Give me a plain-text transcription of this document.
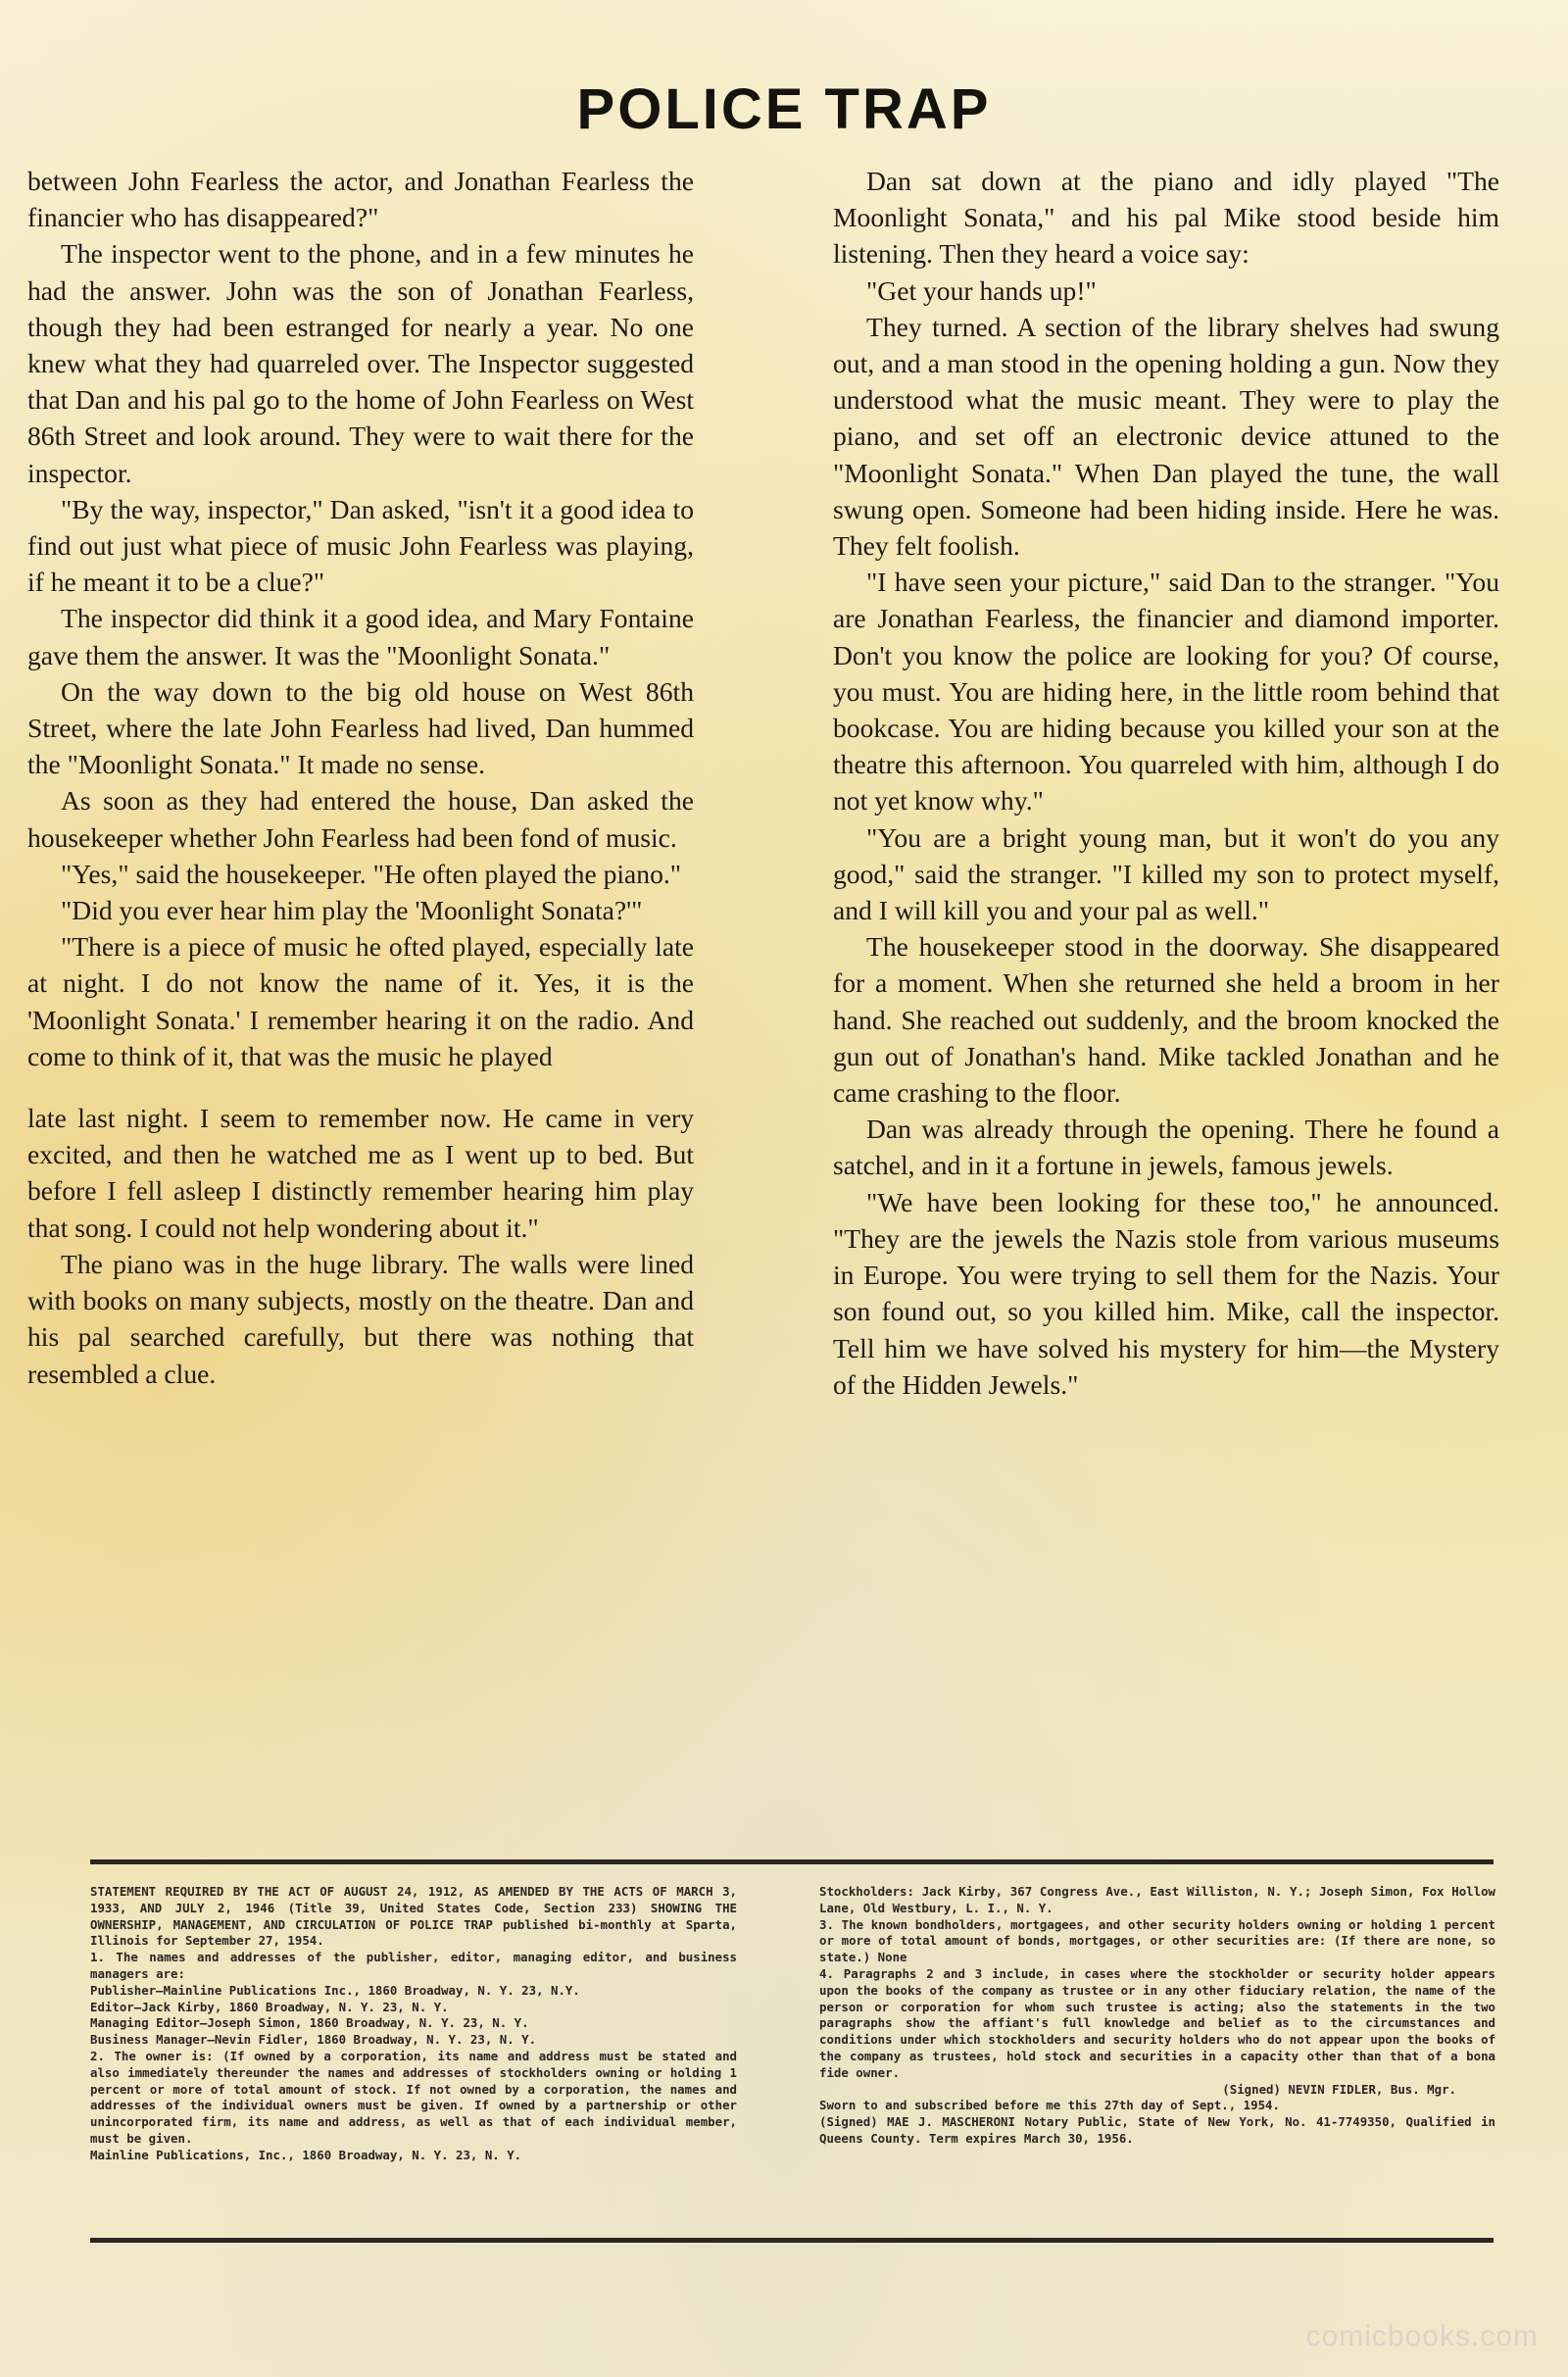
POLICE TRAP

between John Fearless the actor, and Jonathan Fearless the financier who has disappeared?"

The inspector went to the phone, and in a few minutes he had the answer. John was the son of Jonathan Fearless, though they had been estranged for nearly a year. No one knew what they had quarreled over. The Inspector suggested that Dan and his pal go to the home of John Fearless on West 86th Street and look around. They were to wait there for the inspector.

"By the way, inspector," Dan asked, "isn't it a good idea to find out just what piece of music John Fearless was playing, if he meant it to be a clue?"

The inspector did think it a good idea, and Mary Fontaine gave them the answer. It was the "Moonlight Sonata."

On the way down to the big old house on West 86th Street, where the late John Fearless had lived, Dan hummed the "Moonlight Sonata." It made no sense.

As soon as they had entered the house, Dan asked the housekeeper whether John Fearless had been fond of music.

"Yes," said the housekeeper. "He often played the piano."

"Did you ever hear him play the 'Moonlight Sonata?'"

"There is a piece of music he ofted played, especially late at night. I do not know the name of it. Yes, it is the 'Moonlight Sonata.' I remember hearing it on the radio. And come to think of it, that was the music he played

late last night. I seem to remember now. He came in very excited, and then he watched me as I went up to bed. But before I fell asleep I distinctly remember hearing him play that song. I could not help wondering about it."

The piano was in the huge library. The walls were lined with books on many subjects, mostly on the theatre. Dan and his pal searched carefully, but there was nothing that resembled a clue.

Dan sat down at the piano and idly played "The Moonlight Sonata," and his pal Mike stood beside him listening. Then they heard a voice say:

"Get your hands up!"

They turned. A section of the library shelves had swung out, and a man stood in the opening holding a gun. Now they understood what the music meant. They were to play the piano, and set off an electronic device attuned to the "Moonlight Sonata." When Dan played the tune, the wall swung open. Someone had been hiding inside. Here he was. They felt foolish.

"I have seen your picture," said Dan to the stranger. "You are Jonathan Fearless, the financier and diamond importer. Don't you know the police are looking for you? Of course, you must. You are hiding here, in the little room behind that bookcase. You are hiding because you killed your son at the theatre this afternoon. You quarreled with him, although I do not yet know why."

"You are a bright young man, but it won't do you any good," said the stranger. "I killed my son to protect myself, and I will kill you and your pal as well."

The housekeeper stood in the doorway. She disappeared for a moment. When she returned she held a broom in her hand. She reached out suddenly, and the broom knocked the gun out of Jonathan's hand. Mike tackled Jonathan and he came crashing to the floor.

Dan was already through the opening. There he found a satchel, and in it a fortune in jewels, famous jewels.

"We have been looking for these too," he announced. "They are the jewels the Nazis stole from various museums in Europe. You were trying to sell them for the Nazis. Your son found out, so you killed him. Mike, call the inspector. Tell him we have solved his mystery for him—the Mystery of the Hidden Jewels."

STATEMENT REQUIRED BY THE ACT OF AUGUST 24, 1912, AS AMENDED BY THE ACTS OF MARCH 3, 1933, AND JULY 2, 1946 (Title 39, United States Code, Section 233) SHOWING THE OWNERSHIP, MANAGEMENT, AND CIRCULATION OF POLICE TRAP published bi-monthly at Sparta, Illinois for September 27, 1954.

1. The names and addresses of the publisher, editor, managing editor, and business managers are:

Publisher—Mainline Publications Inc., 1860 Broadway, N. Y. 23, N.Y.

Editor—Jack Kirby, 1860 Broadway, N. Y. 23, N. Y.

Managing Editor—Joseph Simon, 1860 Broadway, N. Y. 23, N. Y.

Business Manager—Nevin Fidler, 1860 Broadway, N. Y. 23, N. Y.

2. The owner is: (If owned by a corporation, its name and address must be stated and also immediately thereunder the names and addresses of stockholders owning or holding 1 percent or more of total amount of stock. If not owned by a corporation, the names and addresses of the individual owners must be given. If owned by a partnership or other unincorporated firm, its name and address, as well as that of each individual member, must be given.

Mainline Publications, Inc., 1860 Broadway, N. Y. 23, N. Y.

Stockholders: Jack Kirby, 367 Congress Ave., East Williston, N. Y.; Joseph Simon, Fox Hollow Lane, Old Westbury, L. I., N. Y.

3. The known bondholders, mortgagees, and other security holders owning or holding 1 percent or more of total amount of bonds, mortgages, or other securities are: (If there are none, so state.) None

4. Paragraphs 2 and 3 include, in cases where the stockholder or security holder appears upon the books of the company as trustee or in any other fiduciary relation, the name of the person or corporation for whom such trustee is acting; also the statements in the two paragraphs show the affiant's full knowledge and belief as to the circumstances and conditions under which stockholders and security holders who do not appear upon the books of the company as trustees, hold stock and securities in a capacity other than that of a bona fide owner.

(Signed) NEVIN FIDLER, Bus. Mgr.

Sworn to and subscribed before me this 27th day of Sept., 1954.

(Signed) MAE J. MASCHERONI Notary Public, State of New York, No. 41-7749350, Qualified in Queens County. Term expires March 30, 1956.

comicbooks.com
